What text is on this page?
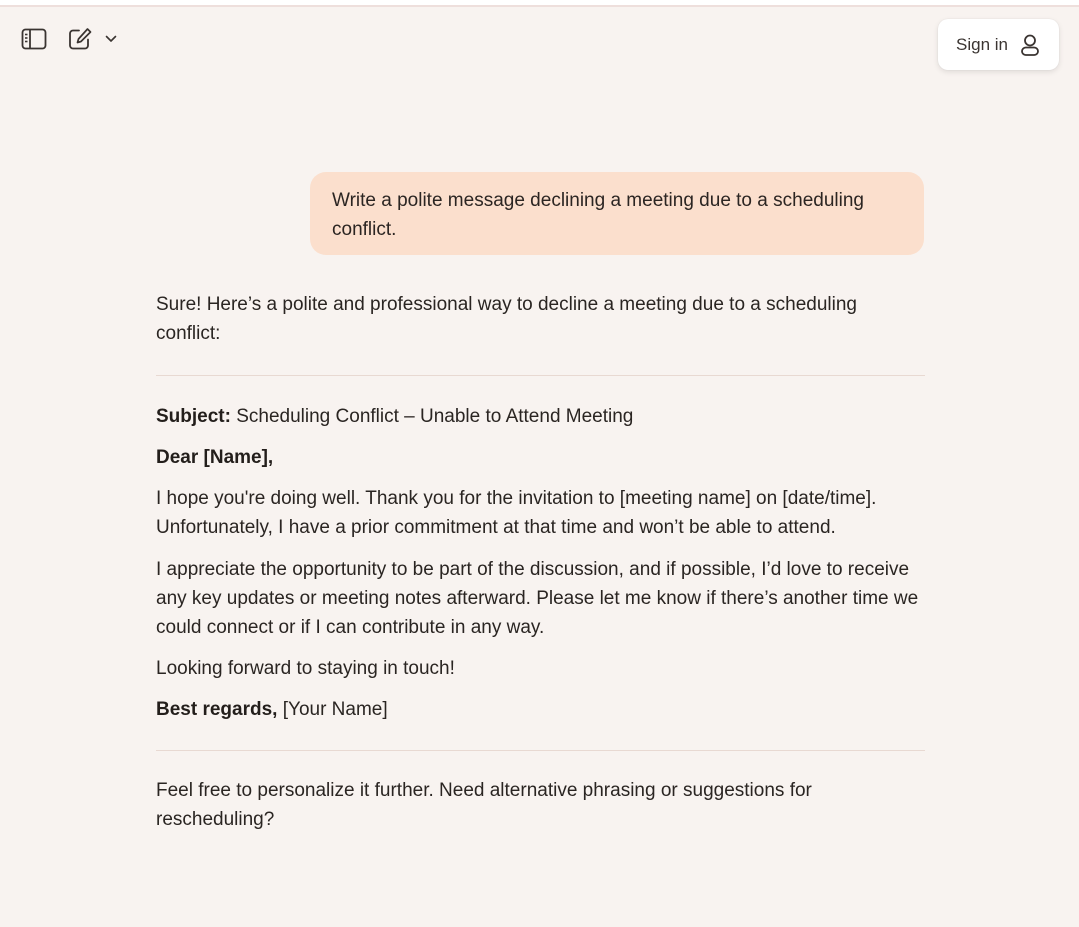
Sign in
Write a polite message declining a meeting due to a scheduling conflict.

Sure! Here’s a polite and professional way to decline a meeting due to a scheduling conflict:

Subject: Scheduling Conflict – Unable to Attend Meeting

Dear [Name],

I hope you're doing well. Thank you for the invitation to [meeting name] on [date/time]. Unfortunately, I have a prior commitment at that time and won’t be able to attend.

I appreciate the opportunity to be part of the discussion, and if possible, I’d love to receive any key updates or meeting notes afterward. Please let me know if there’s another time we could connect or if I can contribute in any way.

Looking forward to staying in touch!

Best regards, [Your Name]

Feel free to personalize it further. Need alternative phrasing or suggestions for rescheduling?
